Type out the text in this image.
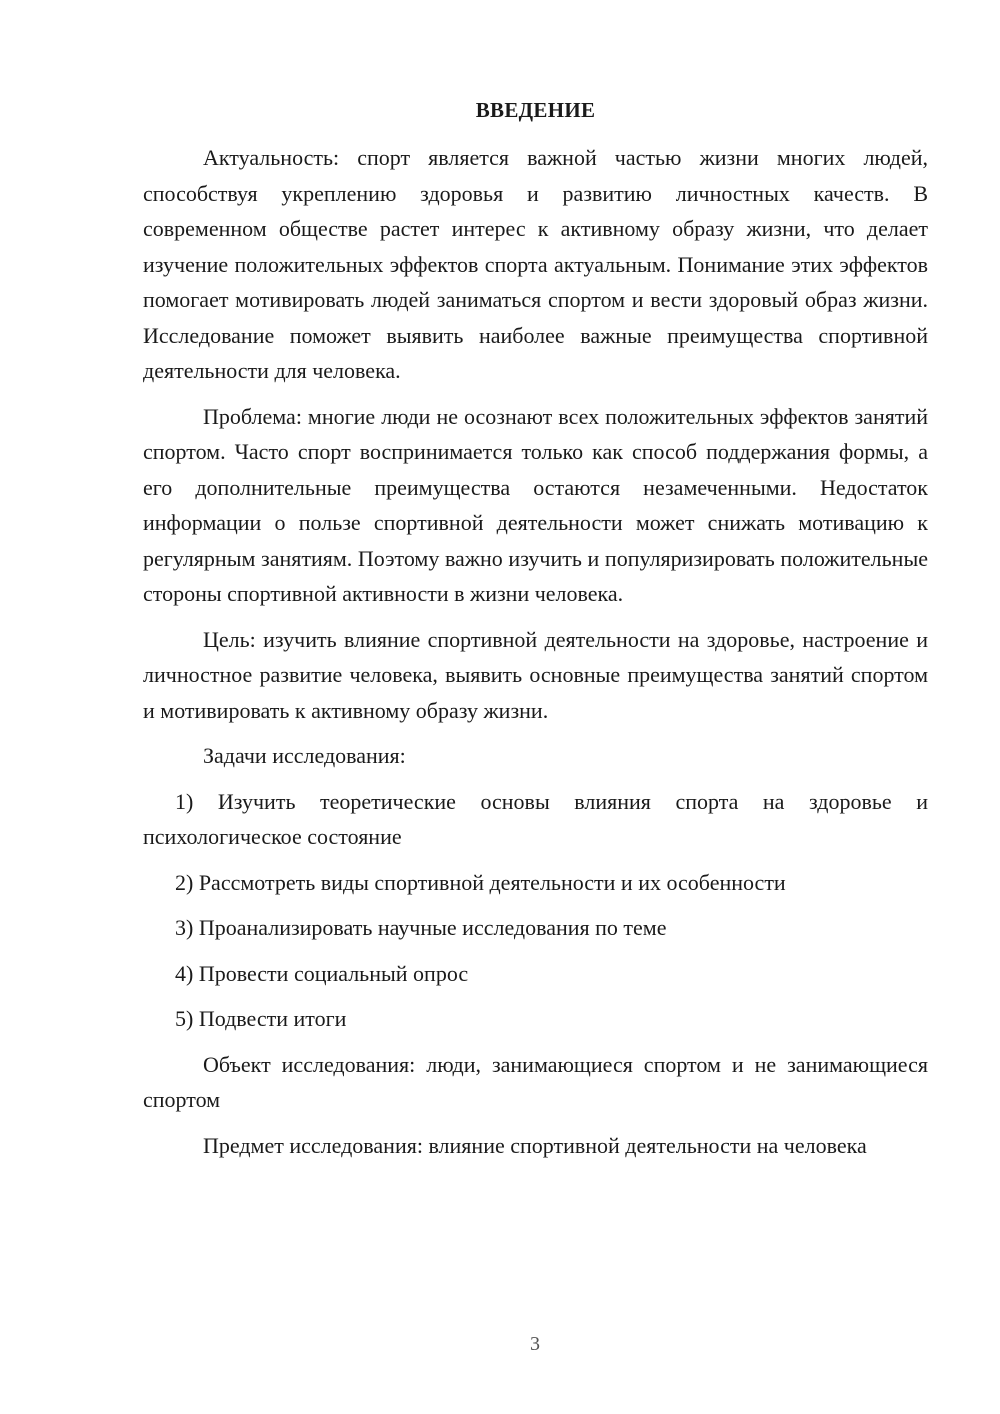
ВВЕДЕНИЕ

Актуальность: спорт является важной частью жизни многих людей, способствуя укреплению здоровья и развитию личностных качеств. В современном обществе растет интерес к активному образу жизни, что делает изучение положительных эффектов спорта актуальным. Понимание этих эффектов помогает мотивировать людей заниматься спортом и вести здоровый образ жизни. Исследование поможет выявить наиболее важные преимущества спортивной деятельности для человека.

Проблема: многие люди не осознают всех положительных эффектов занятий спортом. Часто спорт воспринимается только как способ поддержания формы, а его дополнительные преимущества остаются незамеченными. Недостаток информации о пользе спортивной деятельности может снижать мотивацию к регулярным занятиям. Поэтому важно изучить и популяризировать положительные стороны спортивной активности в жизни человека.

Цель: изучить влияние спортивной деятельности на здоровье, настроение и личностное развитие человека, выявить основные преимущества занятий спортом и мотивировать к активному образу жизни.

Задачи исследования:

1) Изучить теоретические основы влияния спорта на здоровье и психологическое состояние

2) Рассмотреть виды спортивной деятельности и их особенности

3) Проанализировать научные исследования по теме

4) Провести социальный опрос

5) Подвести итоги

Объект исследования: люди, занимающиеся спортом и не занимающиеся спортом

Предмет исследования: влияние спортивной деятельности на человека

3
